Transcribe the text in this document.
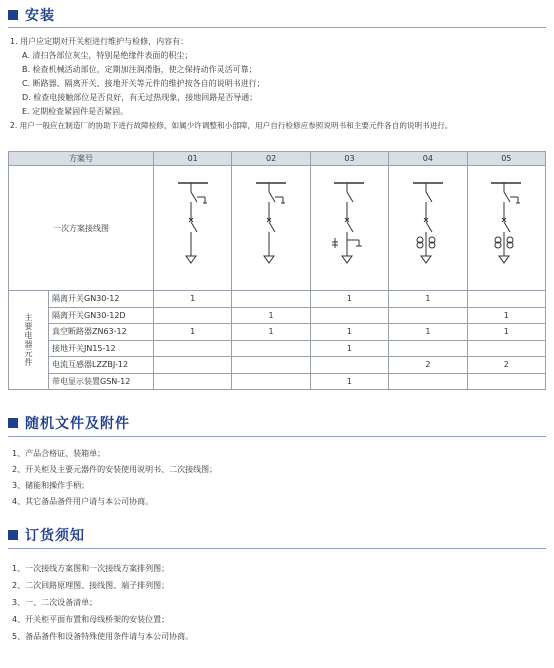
安装
1. 用户应定期对开关柜进行维护与检修，内容有：
A. 清扫各部位灰尘，特别是绝缘件表面的积尘；
B. 检查机械活动部位，定期加注润滑脂，使之保持动作灵活可靠；
C. 断路器、隔离开关、接地开关等元件的维护按各自的说明书进行；
D. 检查电接触部位是否良好，有无过热现象，接地回路是否导通；
E. 定期检查紧固件是否紧固。
2. 用户一般应在制造厂的协助下进行故障检修，如属少许调整和小部障，用户自行检修应参照说明书和主要元件各自的说明书进行。
方案号		01	02	03	04	05
一次方案接线图	

主要电器元件	隔离开关GN30-12	1		1	1	
	隔离开关GN30-12D		1			1
	真空断路器ZN63-12	1	1	1	1	1
	接地开关JN15-12			1		
	电流互感器LZZBJ-12				2	2
	带电显示装置GSN-12			1		
随机文件及附件
1、产品合格证、装箱单；
2、开关柜及主要元器件的安装使用说明书、二次接线图；
3、储能和操作手柄；
4、其它备品备件用户请与本公司协商。
订货须知
1、一次接线方案图和一次接线方案排列图；
2、二次回路原理图、接线图、端子排列图；
3、一、二次设备清单；
4、开关柜平面布置和母线桥架的安装位置；
5、备品备件和设备特殊使用条件请与本公司协商。
